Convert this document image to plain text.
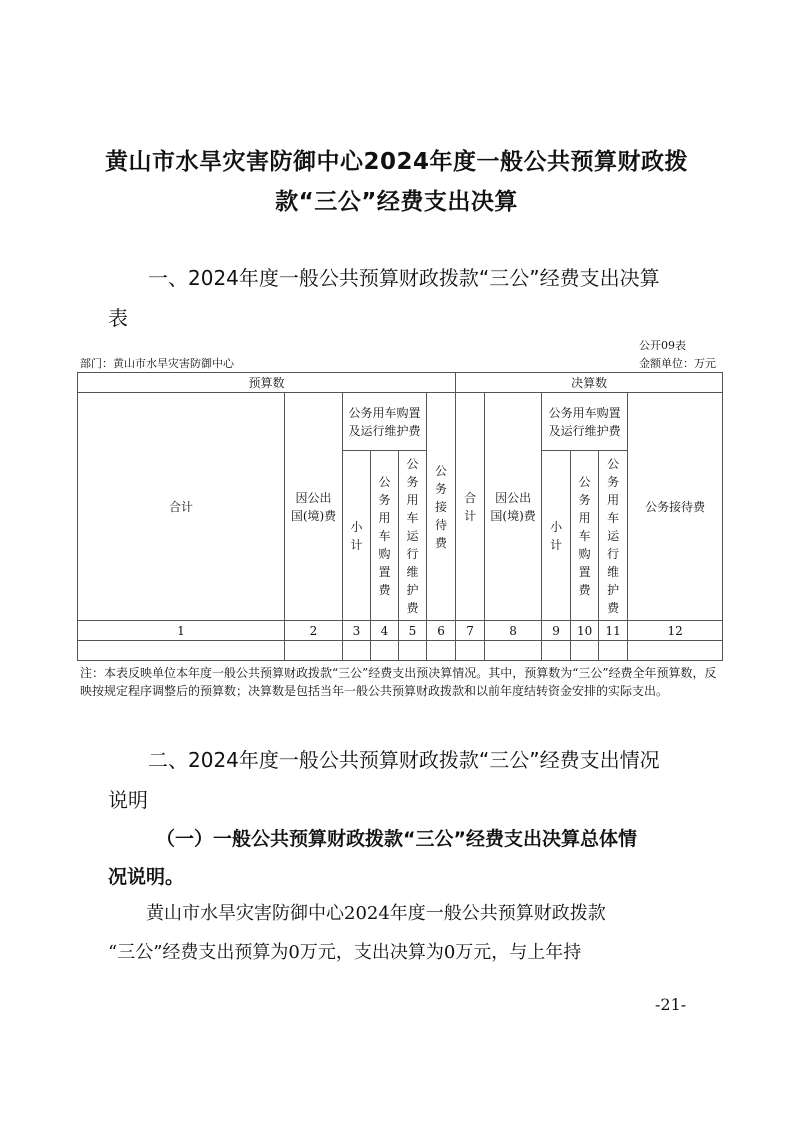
黄山市水旱灾害防御中心2024年度一般公共预算财政拨
款“三公”经费支出决算
一、2024年度一般公共预算财政拨款“三公”经费支出决算
表
公开09表
部门：黄山市水旱灾害防御中心	金额单位：万元
预算数						决算数					
合计	因公出国(境)费	公务用车购置及运行维护费			公务接待费	合计	因公出国(境)费	公务用车购置及运行维护费			公务接待费
		小计	公务用车购置费	公务用车运行维护费				小计	公务用车购置费	公务用车运行维护费	
1	2	3	4	5	6	7	8	9	10	11	12

注：本表反映单位本年度一般公共预算财政拨款“三公”经费支出预决算情况。其中，预算数为“三公”经费全年预算数，反映按规定程序调整后的预算数；决算数是包括当年一般公共预算财政拨款和以前年度结转资金安排的实际支出。
二、2024年度一般公共预算财政拨款“三公”经费支出情况
说明
（一）一般公共预算财政拨款“三公”经费支出决算总体情
况说明。
黄山市水旱灾害防御中心2024年度一般公共预算财政拨款
“三公”经费支出预算为0万元，支出决算为0万元，与上年持
-21-
